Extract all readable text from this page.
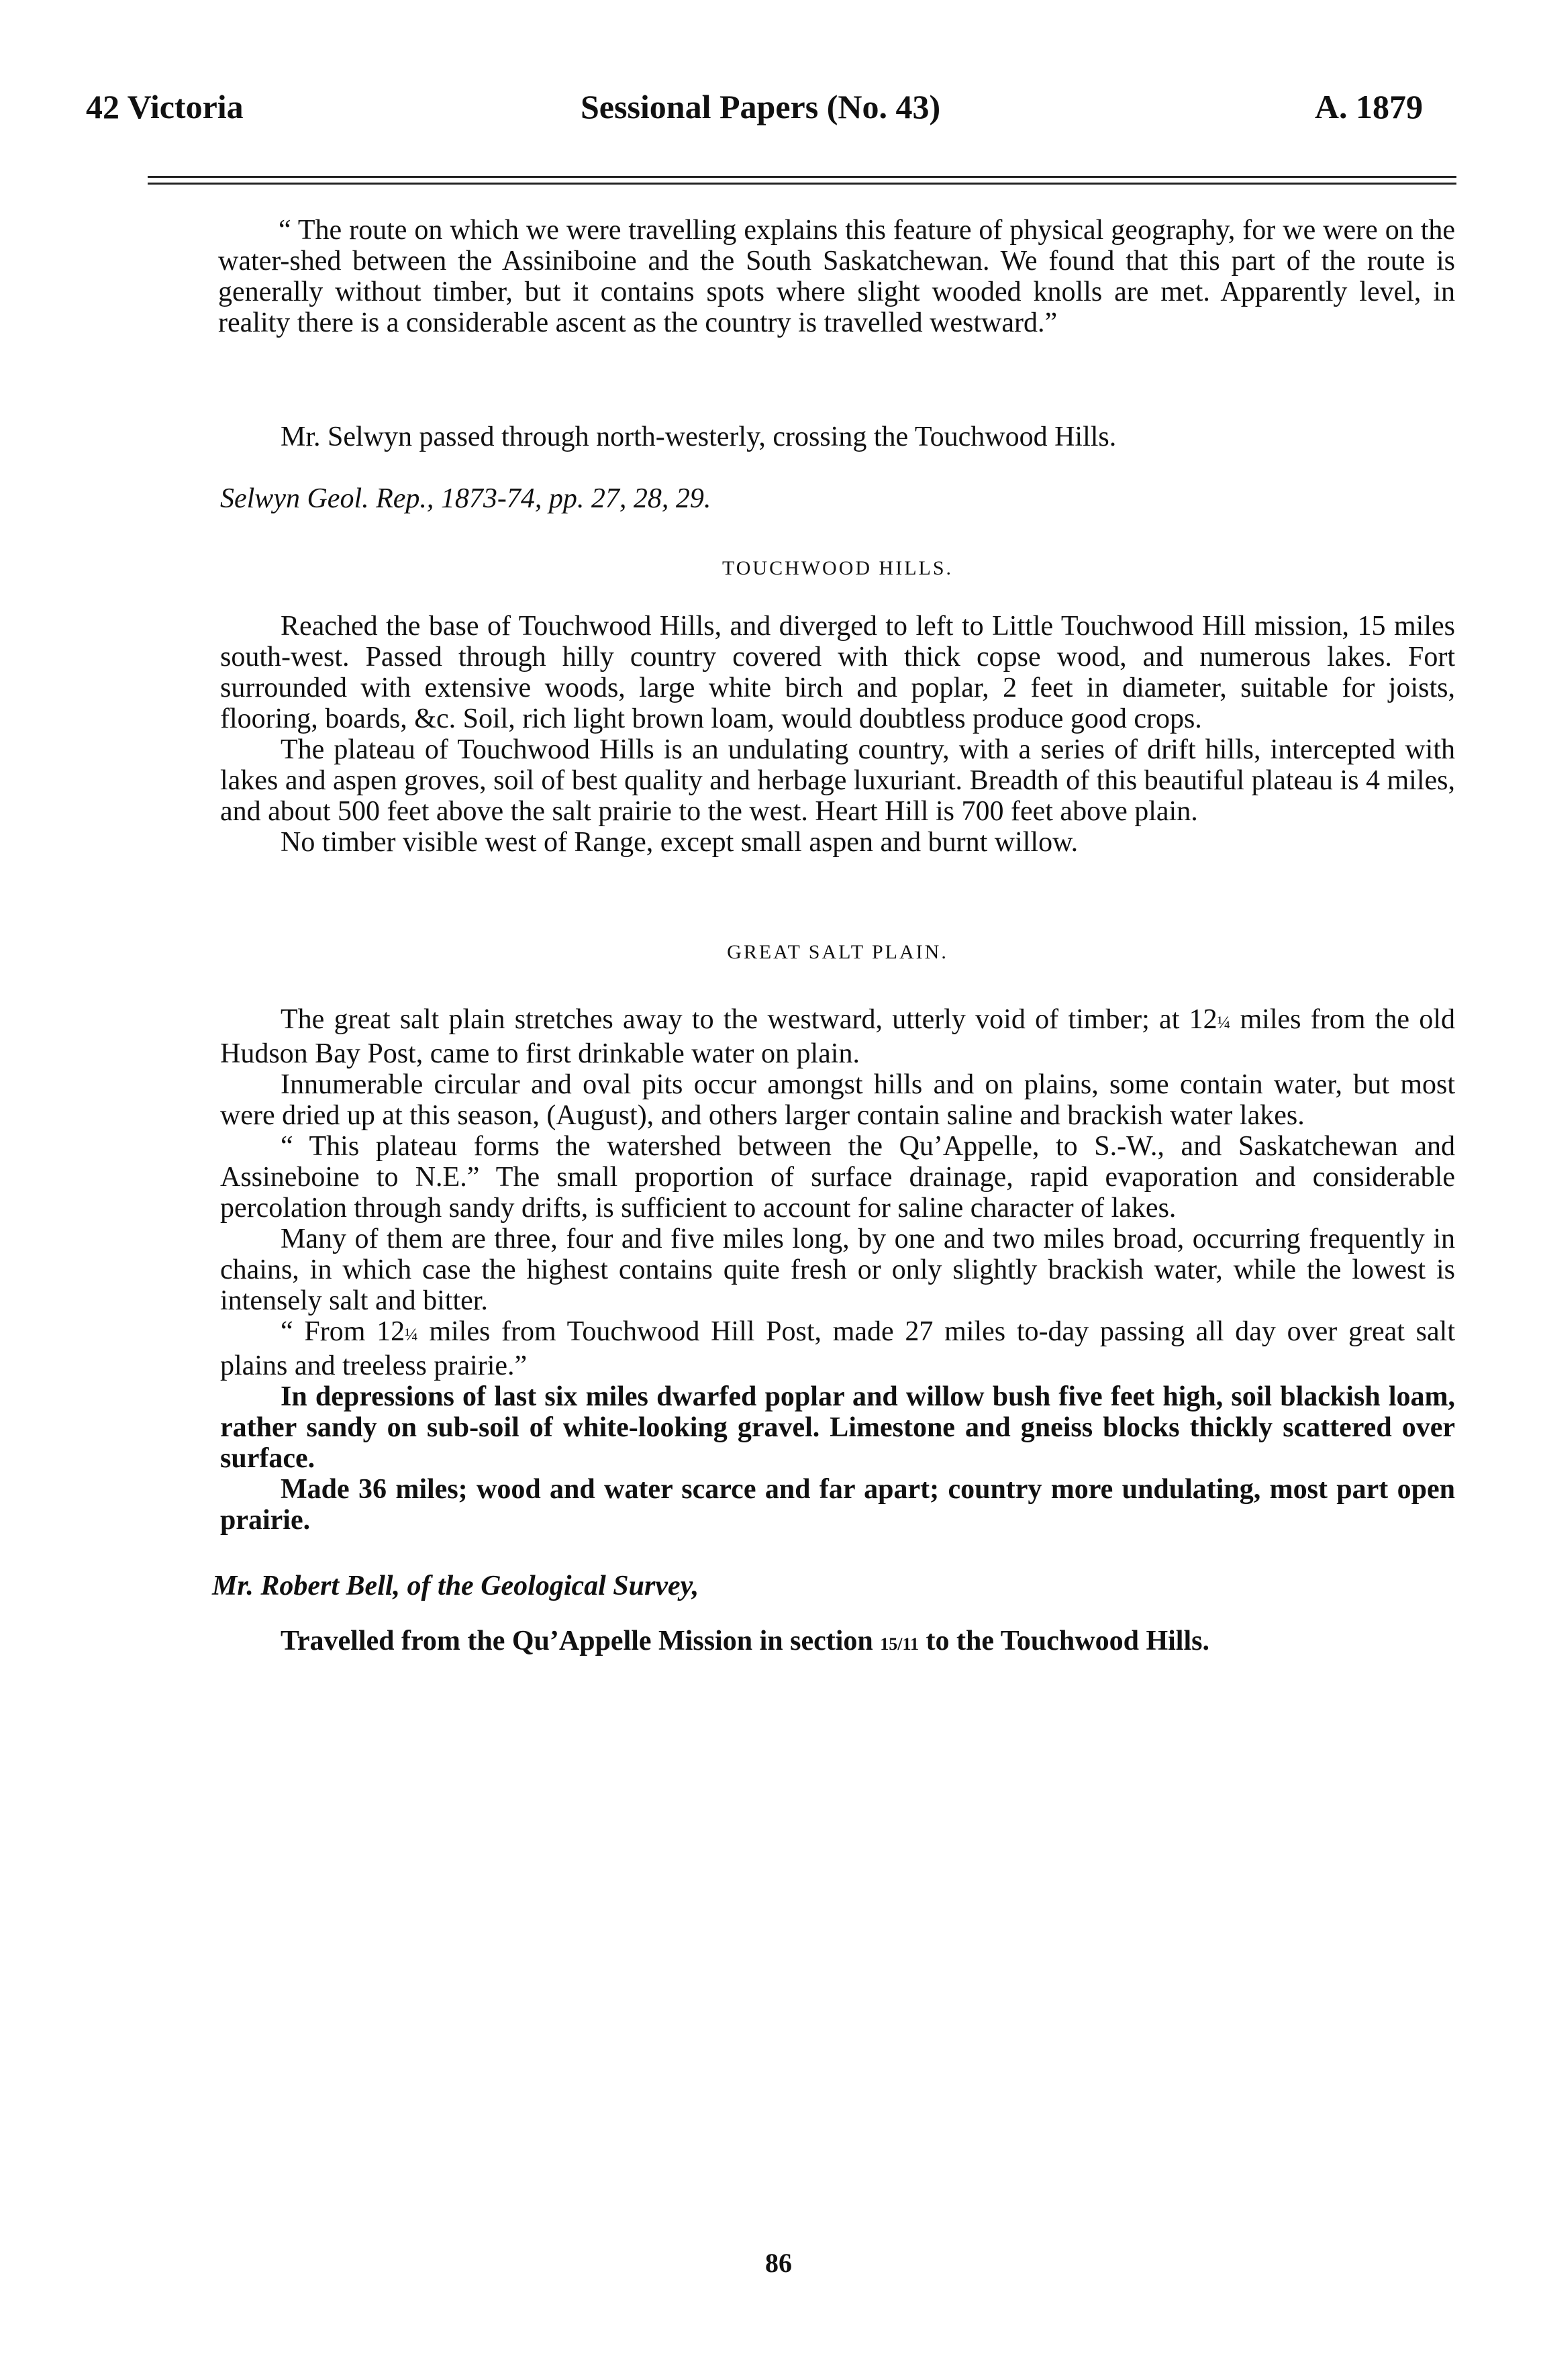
42 Victoria	Sessional Papers (No. 43)	A. 1879

“ The route on which we were travelling explains this feature of physical geography, for we were on the water-shed between the Assiniboine and the South Saskatchewan. We found that this part of the route is generally without timber, but it contains spots where slight wooded knolls are met. Apparently level, in reality there is a considerable ascent as the country is travelled westward.”

Mr. Selwyn passed through north-westerly, crossing the Touchwood Hills.

Selwyn Geol. Rep., 1873-74, pp. 27, 28, 29.

TOUCHWOOD HILLS.

Reached the base of Touchwood Hills, and diverged to left to Little Touchwood Hill mission, 15 miles south-west. Passed through hilly country covered with thick copse wood, and numerous lakes. Fort surrounded with extensive woods, large white birch and poplar, 2 feet in diameter, suitable for joists, flooring, boards, &c. Soil, rich light brown loam, would doubtless produce good crops.

The plateau of Touchwood Hills is an undulating country, with a series of drift hills, intercepted with lakes and aspen groves, soil of best quality and herbage luxuriant. Breadth of this beautiful plateau is 4 miles, and about 500 feet above the salt prairie to the west. Heart Hill is 700 feet above plain.

No timber visible west of Range, except small aspen and burnt willow.

GREAT SALT PLAIN.

The great salt plain stretches away to the westward, utterly void of timber; at 12¼ miles from the old Hudson Bay Post, came to first drinkable water on plain.

Innumerable circular and oval pits occur amongst hills and on plains, some contain water, but most were dried up at this season, (August), and others larger contain saline and brackish water lakes.

“ This plateau forms the watershed between the Qu’Appelle, to S.-W., and Saskatchewan and Assineboine to N.E.” The small proportion of surface drainage, rapid evaporation and considerable percolation through sandy drifts, is sufficient to account for saline character of lakes.

Many of them are three, four and five miles long, by one and two miles broad, occurring frequently in chains, in which case the highest contains quite fresh or only slightly brackish water, while the lowest is intensely salt and bitter.

“ From 12¼ miles from Touchwood Hill Post, made 27 miles to-day passing all day over great salt plains and treeless prairie.”

In depressions of last six miles dwarfed poplar and willow bush five feet high, soil blackish loam, rather sandy on sub-soil of white-looking gravel. Limestone and gneiss blocks thickly scattered over surface.

Made 36 miles; wood and water scarce and far apart; country more undulating, most part open prairie.

Mr. Robert Bell, of the Geological Survey,

Travelled from the Qu’Appelle Mission in section 15/11 to the Touchwood Hills.

86
